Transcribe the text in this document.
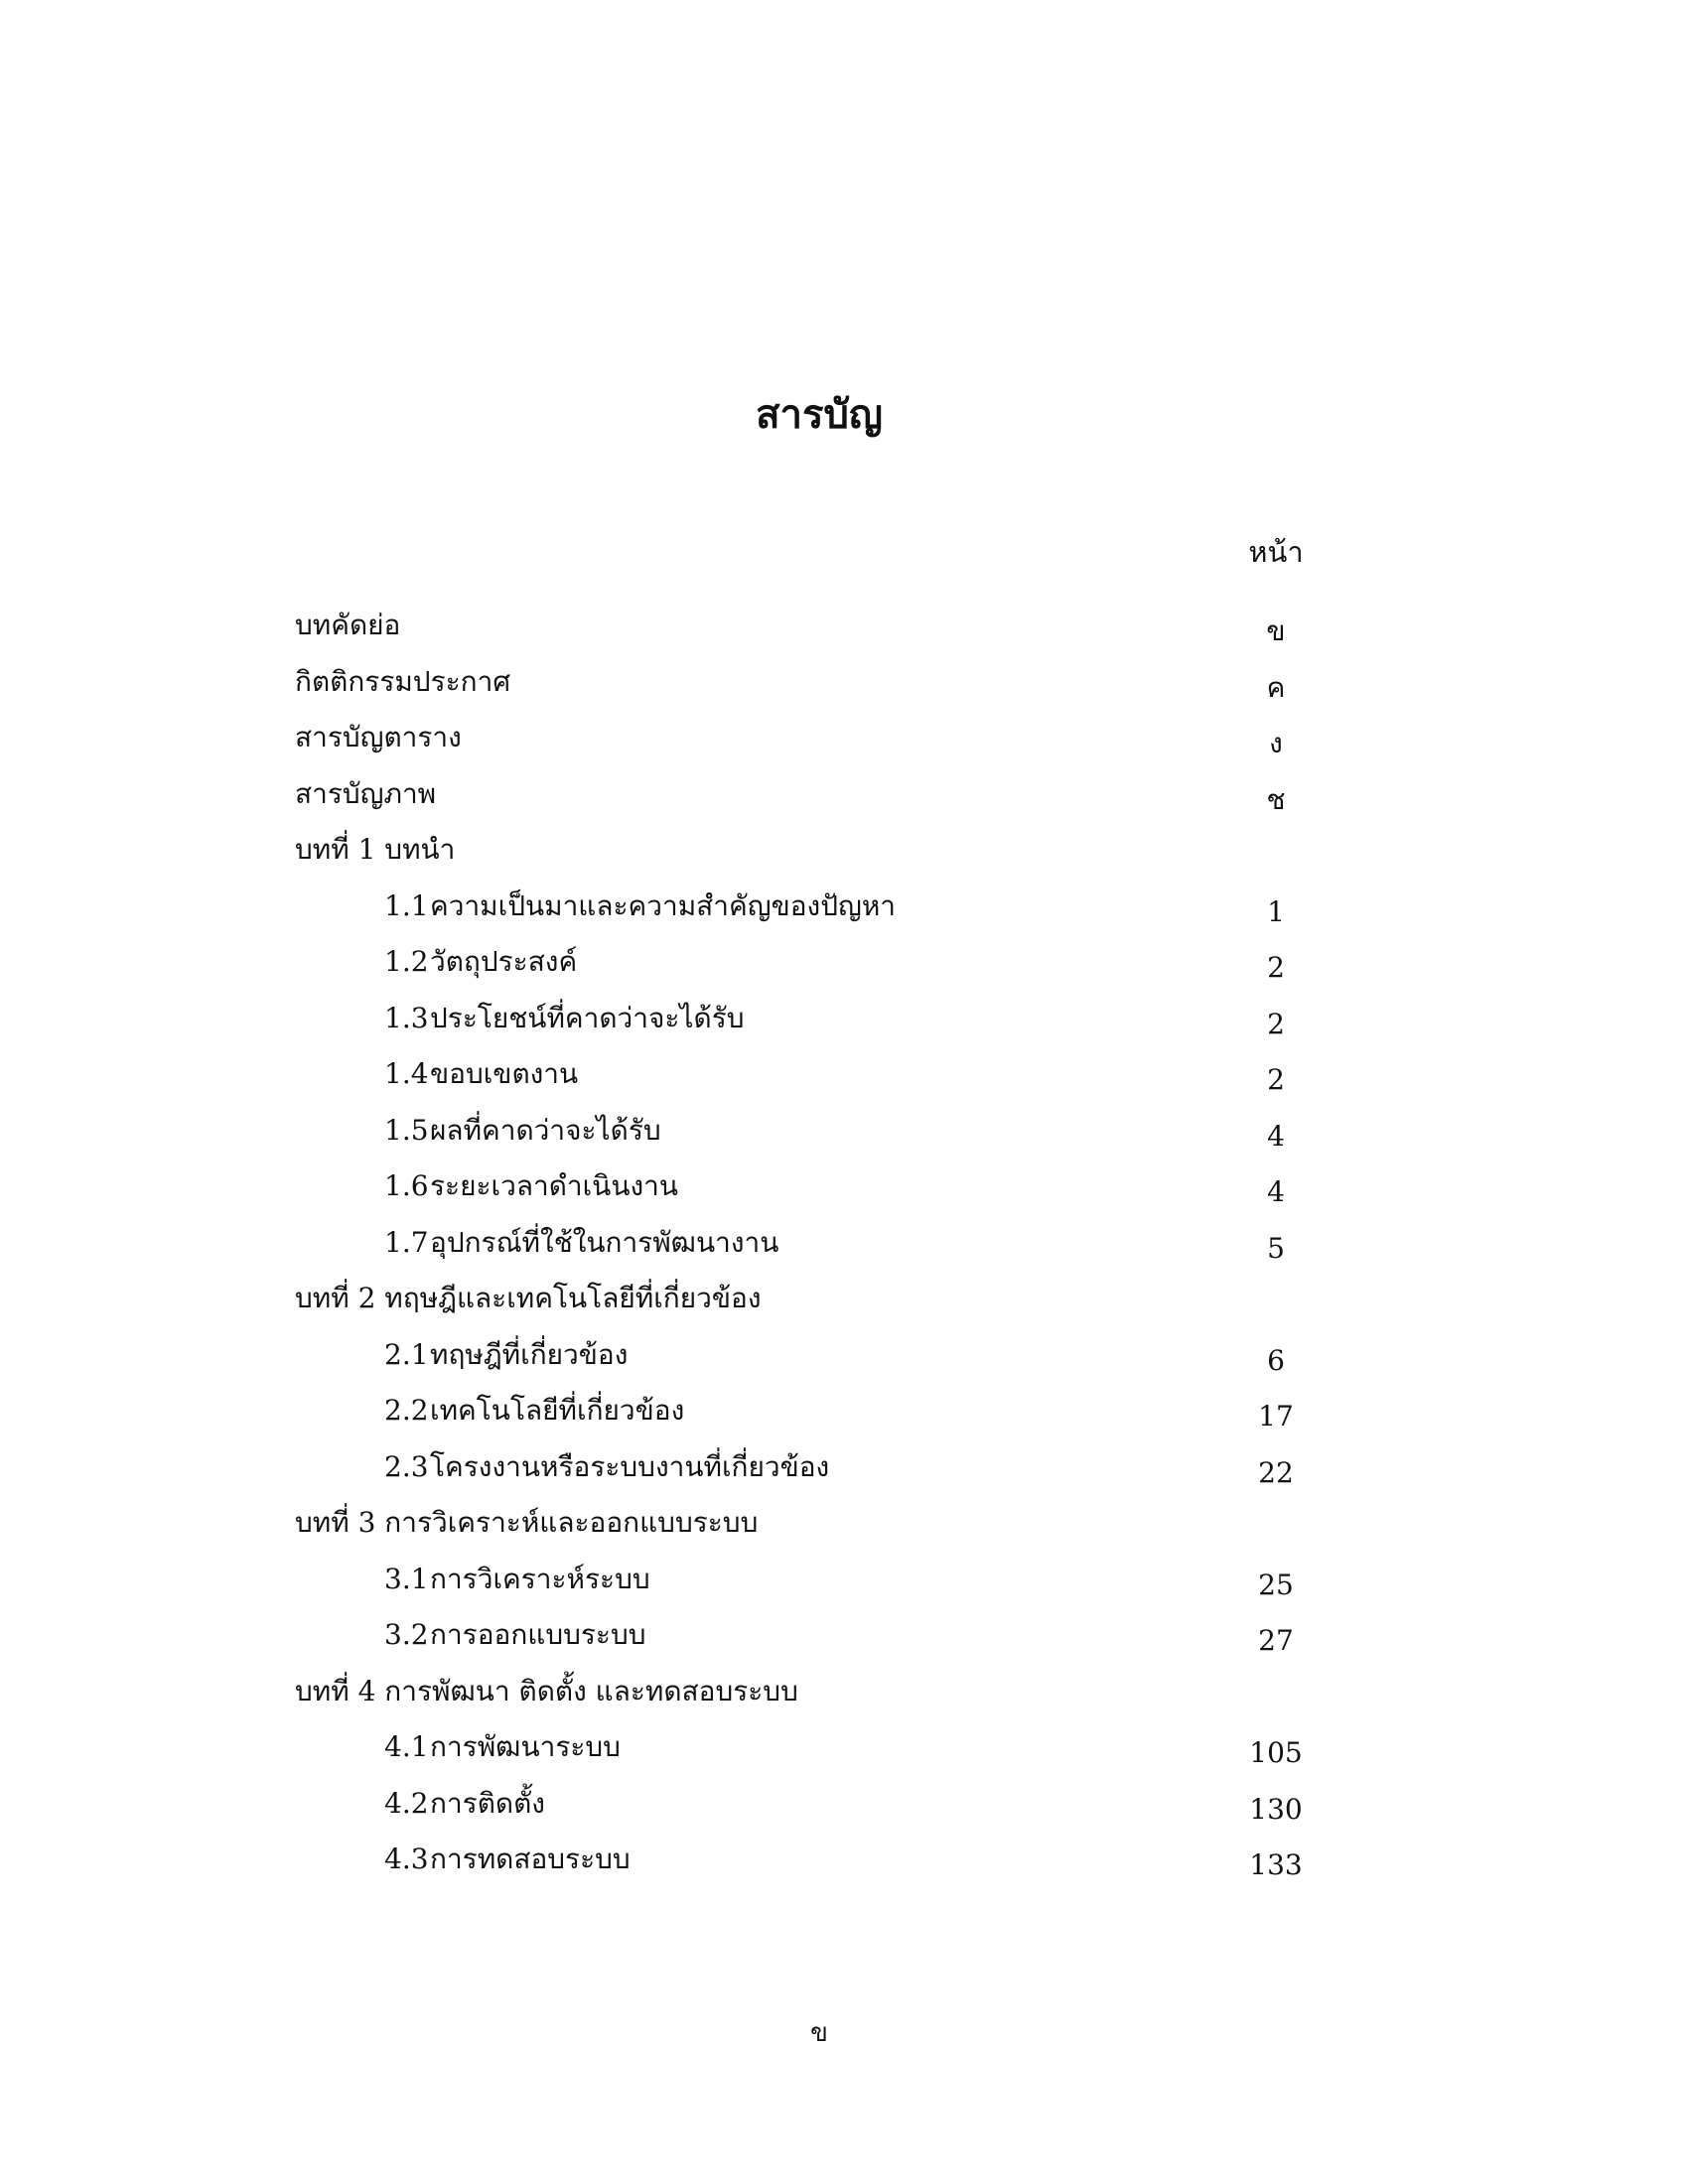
สารบัญ
หน้า
บทคัดย่อ	ข
กิตติกรรมประกาศ	ค
สารบัญตาราง	ง
สารบัญภาพ	ช
บทที่ 1 บทนำ
1.1ความเป็นมาและความสำคัญของปัญหา	1
1.2วัตถุประสงค์	2
1.3ประโยชน์ที่คาดว่าจะได้รับ	2
1.4ขอบเขตงาน	2
1.5ผลที่คาดว่าจะได้รับ	4
1.6ระยะเวลาดำเนินงาน	4
1.7อุปกรณ์ที่ใช้ในการพัฒนางาน	5
บทที่ 2 ทฤษฎีและเทคโนโลยีที่เกี่ยวข้อง
2.1ทฤษฎีที่เกี่ยวข้อง	6
2.2เทคโนโลยีที่เกี่ยวข้อง	17
2.3โครงงานหรือระบบงานที่เกี่ยวข้อง	22
บทที่ 3 การวิเคราะห์และออกแบบระบบ
3.1การวิเคราะห์ระบบ	25
3.2การออกแบบระบบ	27
บทที่ 4 การพัฒนา ติดตั้ง และทดสอบระบบ
4.1การพัฒนาระบบ	105
4.2การติดตั้ง	130
4.3การทดสอบระบบ	133
ข
